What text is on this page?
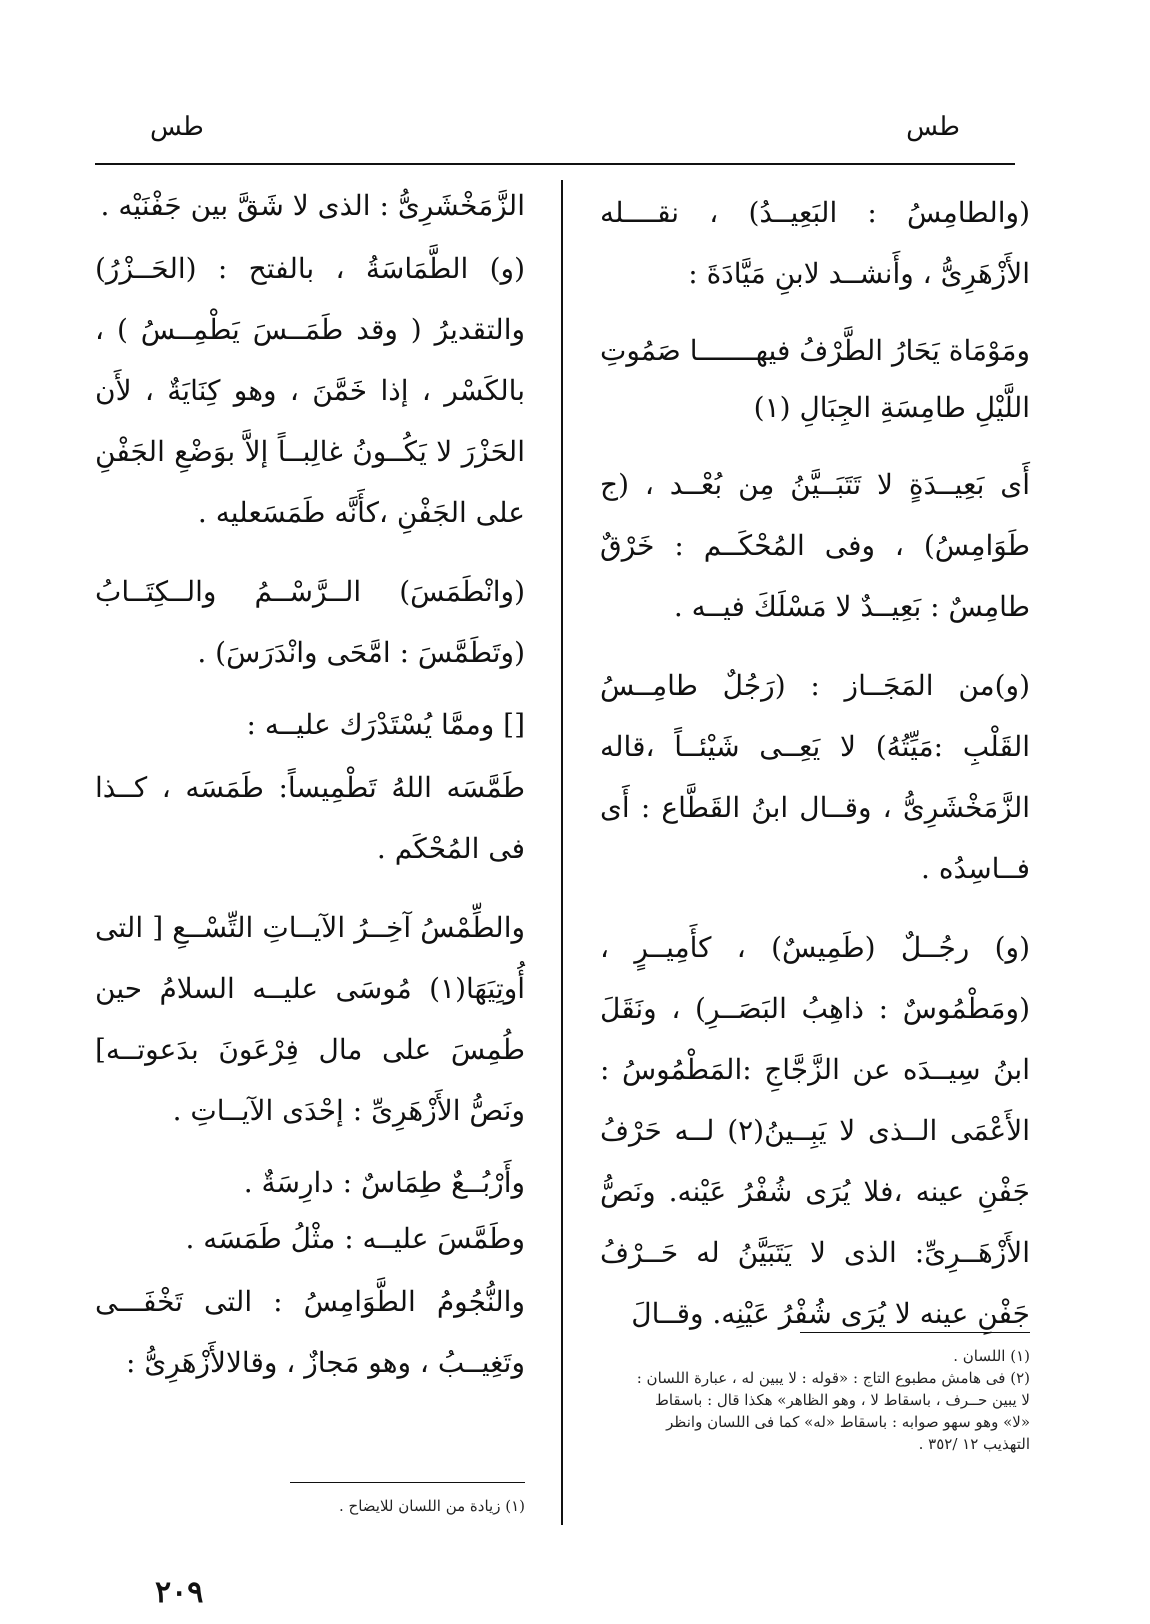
طس
طس

(والطامِسُ : البَعِيــدُ) ، نقــــله الأَزْهَرِىُّ ، وأَنشــد لابنِ مَيَّادَةَ :

ومَوْمَاة يَحَارُ الطَّرْفُ فيهـــــــا صَمُوتِ اللَّيْلِ طامِسَةِ الجِبَالِ (١)

أَى بَعِيــدَةٍ لا تَتَبَــيَّنُ مِن بُعْــد ، (ج طَوَامِسُ) ، وفى المُحْكَــم : خَرْقٌ طامِسٌ : بَعِيــدٌ لا مَسْلَكَ فيــه .

(و)من المَجَــاز : (رَجُلٌ طامِــسُ القَلْبِ :مَيِّتُهُ) لا يَعِــى شَيْئــاً ،قاله الزَّمَخْشَرِىُّ ، وقــال ابنُ القَطَّاع : أَى فــاسِدُه .

(و) رجُــلٌ (طَمِيسٌ) ، كأَمِيــرٍ ، (ومَطْمُوسٌ : ذاهِبُ البَصَــرِ) ، ونَقَلَ ابنُ سِيــدَه عن الزَّجَّاجِ :المَطْمُوسُ : الأَعْمَى الــذى لا يَبِــينُ(٢) لــه حَرْفُ جَفْنِ عينه ،فلا يُرَى شُفْرُ عَيْنه. ونَصُّ الأَزْهَــرِىِّ: الذى لا يَتَبَيَّنُ له حَــرْفُ جَفْنِ عينه لا يُرَى شُفْرُ عَيْنِه. وقــالَ

الزَّمَخْشَرِىُّ : الذى لا شَقَّ بين جَفْنَيْه .

(و) الطَّمَاسَةُ ، بالفتح : (الحَــزْرُ) والتقديرُ ( وقد طَمَــسَ يَطْمِــسُ ) ، بالكَسْر ، إذا خَمَّنَ ، وهو كِنَايَةٌ ، لأَن الحَزْرَ لا يَكُــونُ غالِبــاً إلاَّ بوَضْعِ الجَفْنِ على الجَفْنِ ،كأَنَّه طَمَسَعليه .

(وانْطَمَسَ) الــرَّسْــمُ والــكِتَــابُ (وتَطَمَّسَ : امَّحَى وانْدَرَسَ) .

[] وممَّا يُسْتَدْرَك عليــه :

طَمَّسَه اللهُ تَطْمِيساً: طَمَسَه ، كــذا فى المُحْكَم .

والطِّمْسُ آخِــرُ الآيــاتِ التِّسْــعِ [ التى أُوتِيَهَا(١) مُوسَى عليــه السلامُ حين طُمِسَ على مال فِرْعَونَ بدَعوتــه] ونَصُّ الأَزْهَرِىِّ : إحْدَى الآيــاتِ .

وأَرْبُــعٌ طِمَاسٌ : دارِسَةٌ .

وطَمَّسَ عليــه : مثْلُ طَمَسَه .

والنُّجُومُ الطَّوَامِسُ : التى تَخْفَـــى وتَغِيــبُ ، وهو مَجازٌ ، وقالالأَزْهَرِىُّ :	(١) اللسان .
(٢) فى هامش مطبوع التاج : «قوله : لا يبين له ، عبارة اللسان : لا يبين حــرف ، باسقاط لا ، وهو الظاهر» هكذا قال : باسقاط «لا» وهو سهو صوابه : باسقاط «له» كما فى اللسان وانظر التهذيب ١٢ /٣٥٢ .
(١) زيادة من اللسان للايضاح .
٢٠٩
